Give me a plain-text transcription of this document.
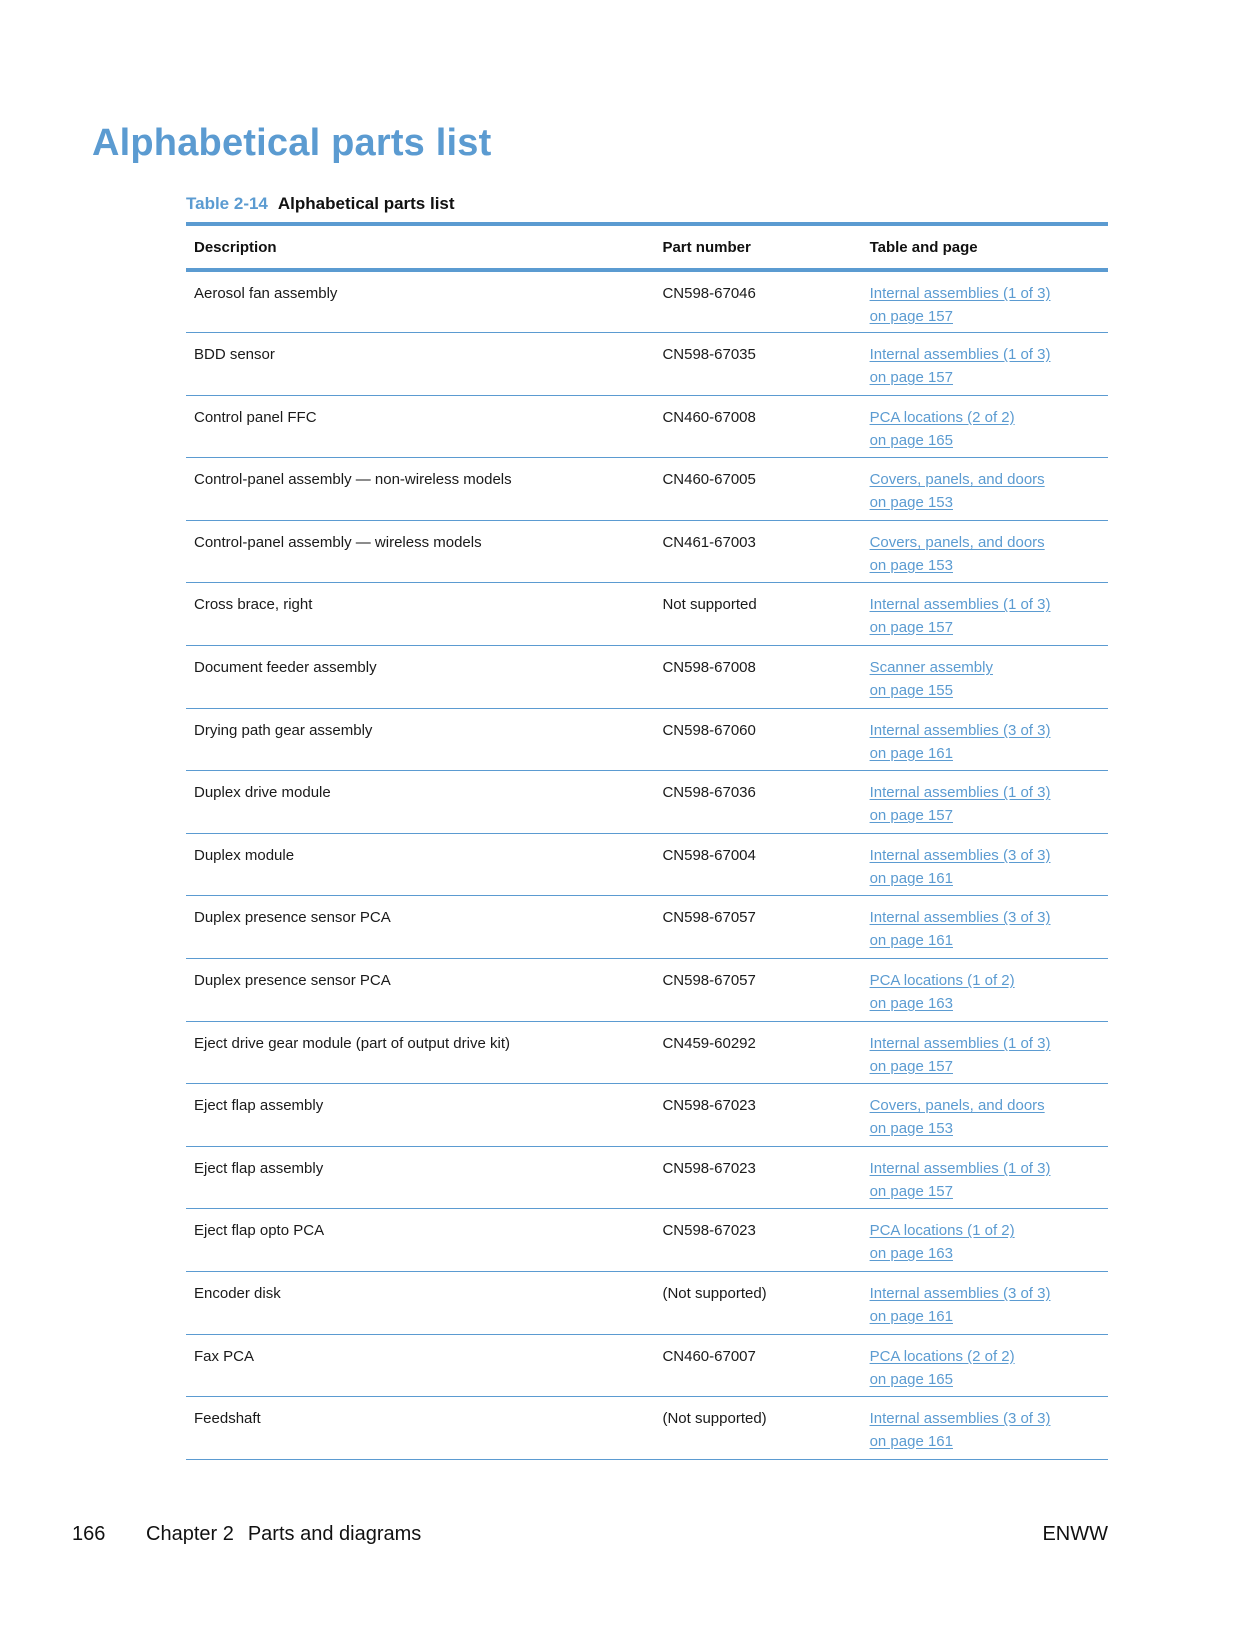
Alphabetical parts list
Table 2-14 Alphabetical parts list
Description	Part number	Table and page
Aerosol fan assembly	CN598-67046	Internal assemblies (1 of 3)
on page 157
BDD sensor	CN598-67035	Internal assemblies (1 of 3)
on page 157
Control panel FFC	CN460-67008	PCA locations (2 of 2)
on page 165
Control-panel assembly — non-wireless models	CN460-67005	Covers, panels, and doors
on page 153
Control-panel assembly — wireless models	CN461-67003	Covers, panels, and doors
on page 153
Cross brace, right	Not supported	Internal assemblies (1 of 3)
on page 157
Document feeder assembly	CN598-67008	Scanner assembly
on page 155
Drying path gear assembly	CN598-67060	Internal assemblies (3 of 3)
on page 161
Duplex drive module	CN598-67036	Internal assemblies (1 of 3)
on page 157
Duplex module	CN598-67004	Internal assemblies (3 of 3)
on page 161
Duplex presence sensor PCA	CN598-67057	Internal assemblies (3 of 3)
on page 161
Duplex presence sensor PCA	CN598-67057	PCA locations (1 of 2)
on page 163
Eject drive gear module (part of output drive kit)	CN459-60292	Internal assemblies (1 of 3)
on page 157
Eject flap assembly	CN598-67023	Covers, panels, and doors
on page 153
Eject flap assembly	CN598-67023	Internal assemblies (1 of 3)
on page 157
Eject flap opto PCA	CN598-67023	PCA locations (1 of 2)
on page 163
Encoder disk	(Not supported)	Internal assemblies (3 of 3)
on page 161
Fax PCA	CN460-67007	PCA locations (2 of 2)
on page 165
Feedshaft	(Not supported)	Internal assemblies (3 of 3)
on page 161
166 Chapter 2 Parts and diagrams	ENWW
